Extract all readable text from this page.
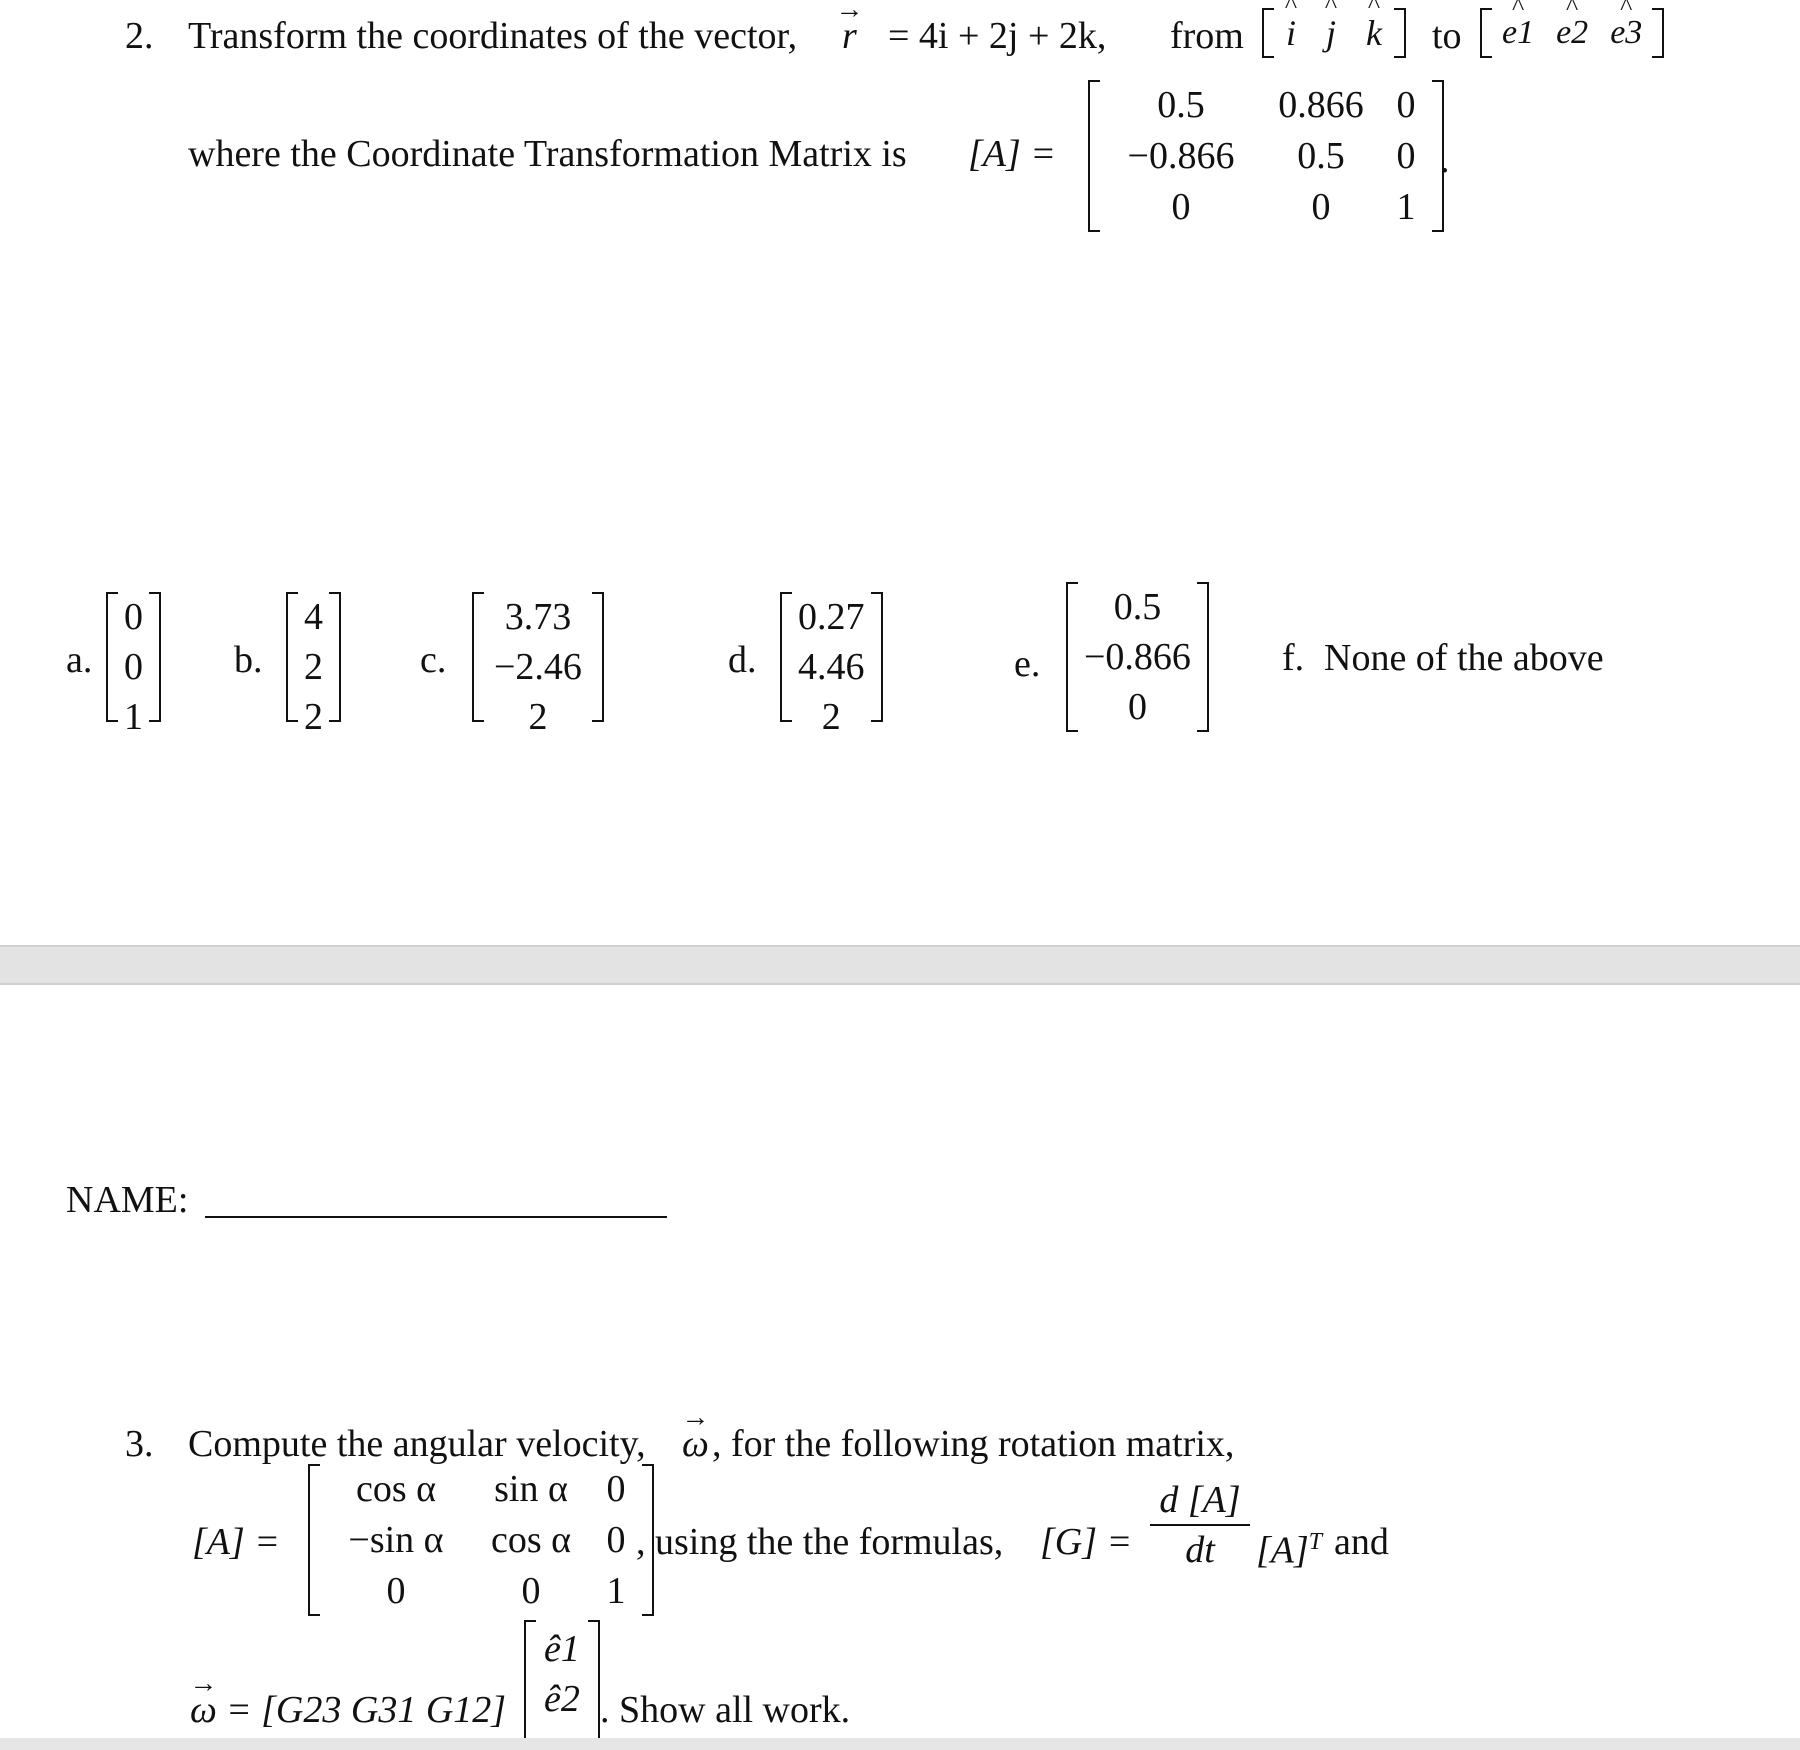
2. Transform the coordinates of the vector, → r = 4i + 2j + 2k, from ^ i ^ j ^ k to ^ e1 ^ e2 ^ e3
where the Coordinate Transformation Matrix is [A] =
0.5	0.866 0
−0.866	0.5	0
0	0	1
.
a.
0
0
1
b.
4
2
2
c.
3.73
−2.46
2
d.
0.27
4.46
2
e.
0.5
−0.866
0
f. None of the above
NAME:
3. Compute the angular velocity, → ω , for the following rotation matrix,
[A] =
cos α	sin α	0
−sin α	cos α 0
0	0	1
, using the the formulas, [G] =
d [A]
dt	$[A]^T$ and
→ ω = [G23 G31 G12]
ê1
ê2 . Show all work.
